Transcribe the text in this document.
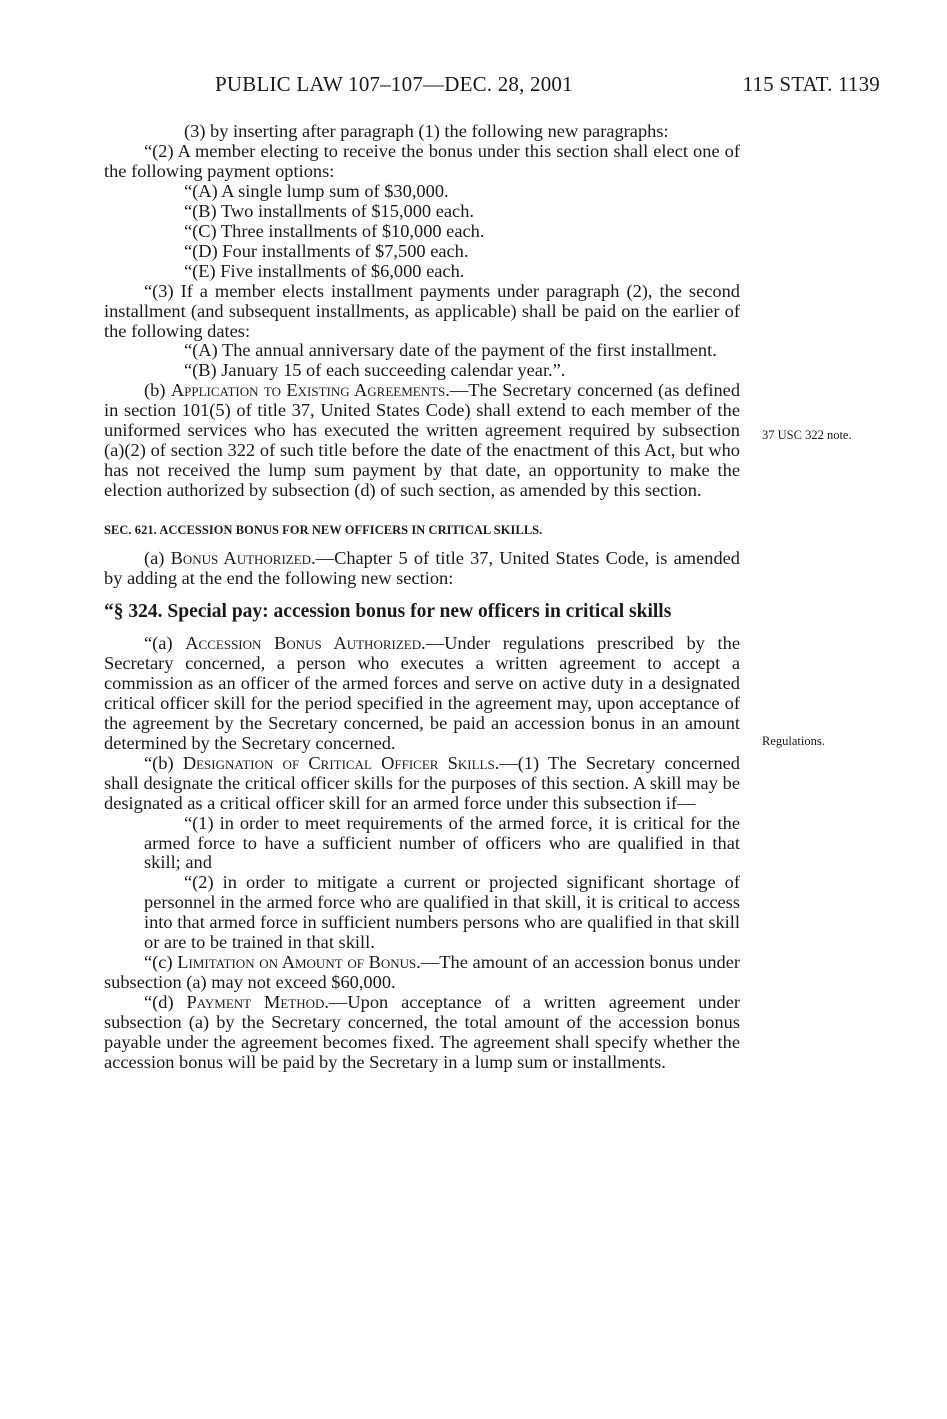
PUBLIC LAW 107–107—DEC. 28, 2001	115 STAT. 1139
37 USC 322 note.
Regulations.

(3) by inserting after paragraph (1) the following new paragraphs:

“(2) A member electing to receive the bonus under this section shall elect one of the following payment options:

“(A) A single lump sum of $30,000.

“(B) Two installments of $15,000 each.

“(C) Three installments of $10,000 each.

“(D) Four installments of $7,500 each.

“(E) Five installments of $6,000 each.

“(3) If a member elects installment payments under paragraph (2), the second installment (and subsequent installments, as applicable) shall be paid on the earlier of the following dates:

“(A) The annual anniversary date of the payment of the first installment.

“(B) January 15 of each succeeding calendar year.”.

(b) Application to Existing Agreements.—The Secretary concerned (as defined in section 101(5) of title 37, United States Code) shall extend to each member of the uniformed services who has executed the written agreement required by subsection (a)(2) of section 322 of such title before the date of the enactment of this Act, but who has not received the lump sum payment by that date, an opportunity to make the election authorized by subsection (d) of such section, as amended by this section.

SEC. 621. ACCESSION BONUS FOR NEW OFFICERS IN CRITICAL SKILLS.

(a) Bonus Authorized.—Chapter 5 of title 37, United States Code, is amended by adding at the end the following new section:

“§ 324. Special pay: accession bonus for new officers in critical skills

“(a) Accession Bonus Authorized.—Under regulations prescribed by the Secretary concerned, a person who executes a written agreement to accept a commission as an officer of the armed forces and serve on active duty in a designated critical officer skill for the period specified in the agreement may, upon acceptance of the agreement by the Secretary concerned, be paid an accession bonus in an amount determined by the Secretary concerned.

“(b) Designation of Critical Officer Skills.—(1) The Secretary concerned shall designate the critical officer skills for the purposes of this section. A skill may be designated as a critical officer skill for an armed force under this subsection if—

“(1) in order to meet requirements of the armed force, it is critical for the armed force to have a sufficient number of officers who are qualified in that skill; and

“(2) in order to mitigate a current or projected significant shortage of personnel in the armed force who are qualified in that skill, it is critical to access into that armed force in sufficient numbers persons who are qualified in that skill or are to be trained in that skill.

“(c) Limitation on Amount of Bonus.—The amount of an accession bonus under subsection (a) may not exceed $60,000.

“(d) Payment Method.—Upon acceptance of a written agreement under subsection (a) by the Secretary concerned, the total amount of the accession bonus payable under the agreement becomes fixed. The agreement shall specify whether the accession bonus will be paid by the Secretary in a lump sum or installments.
